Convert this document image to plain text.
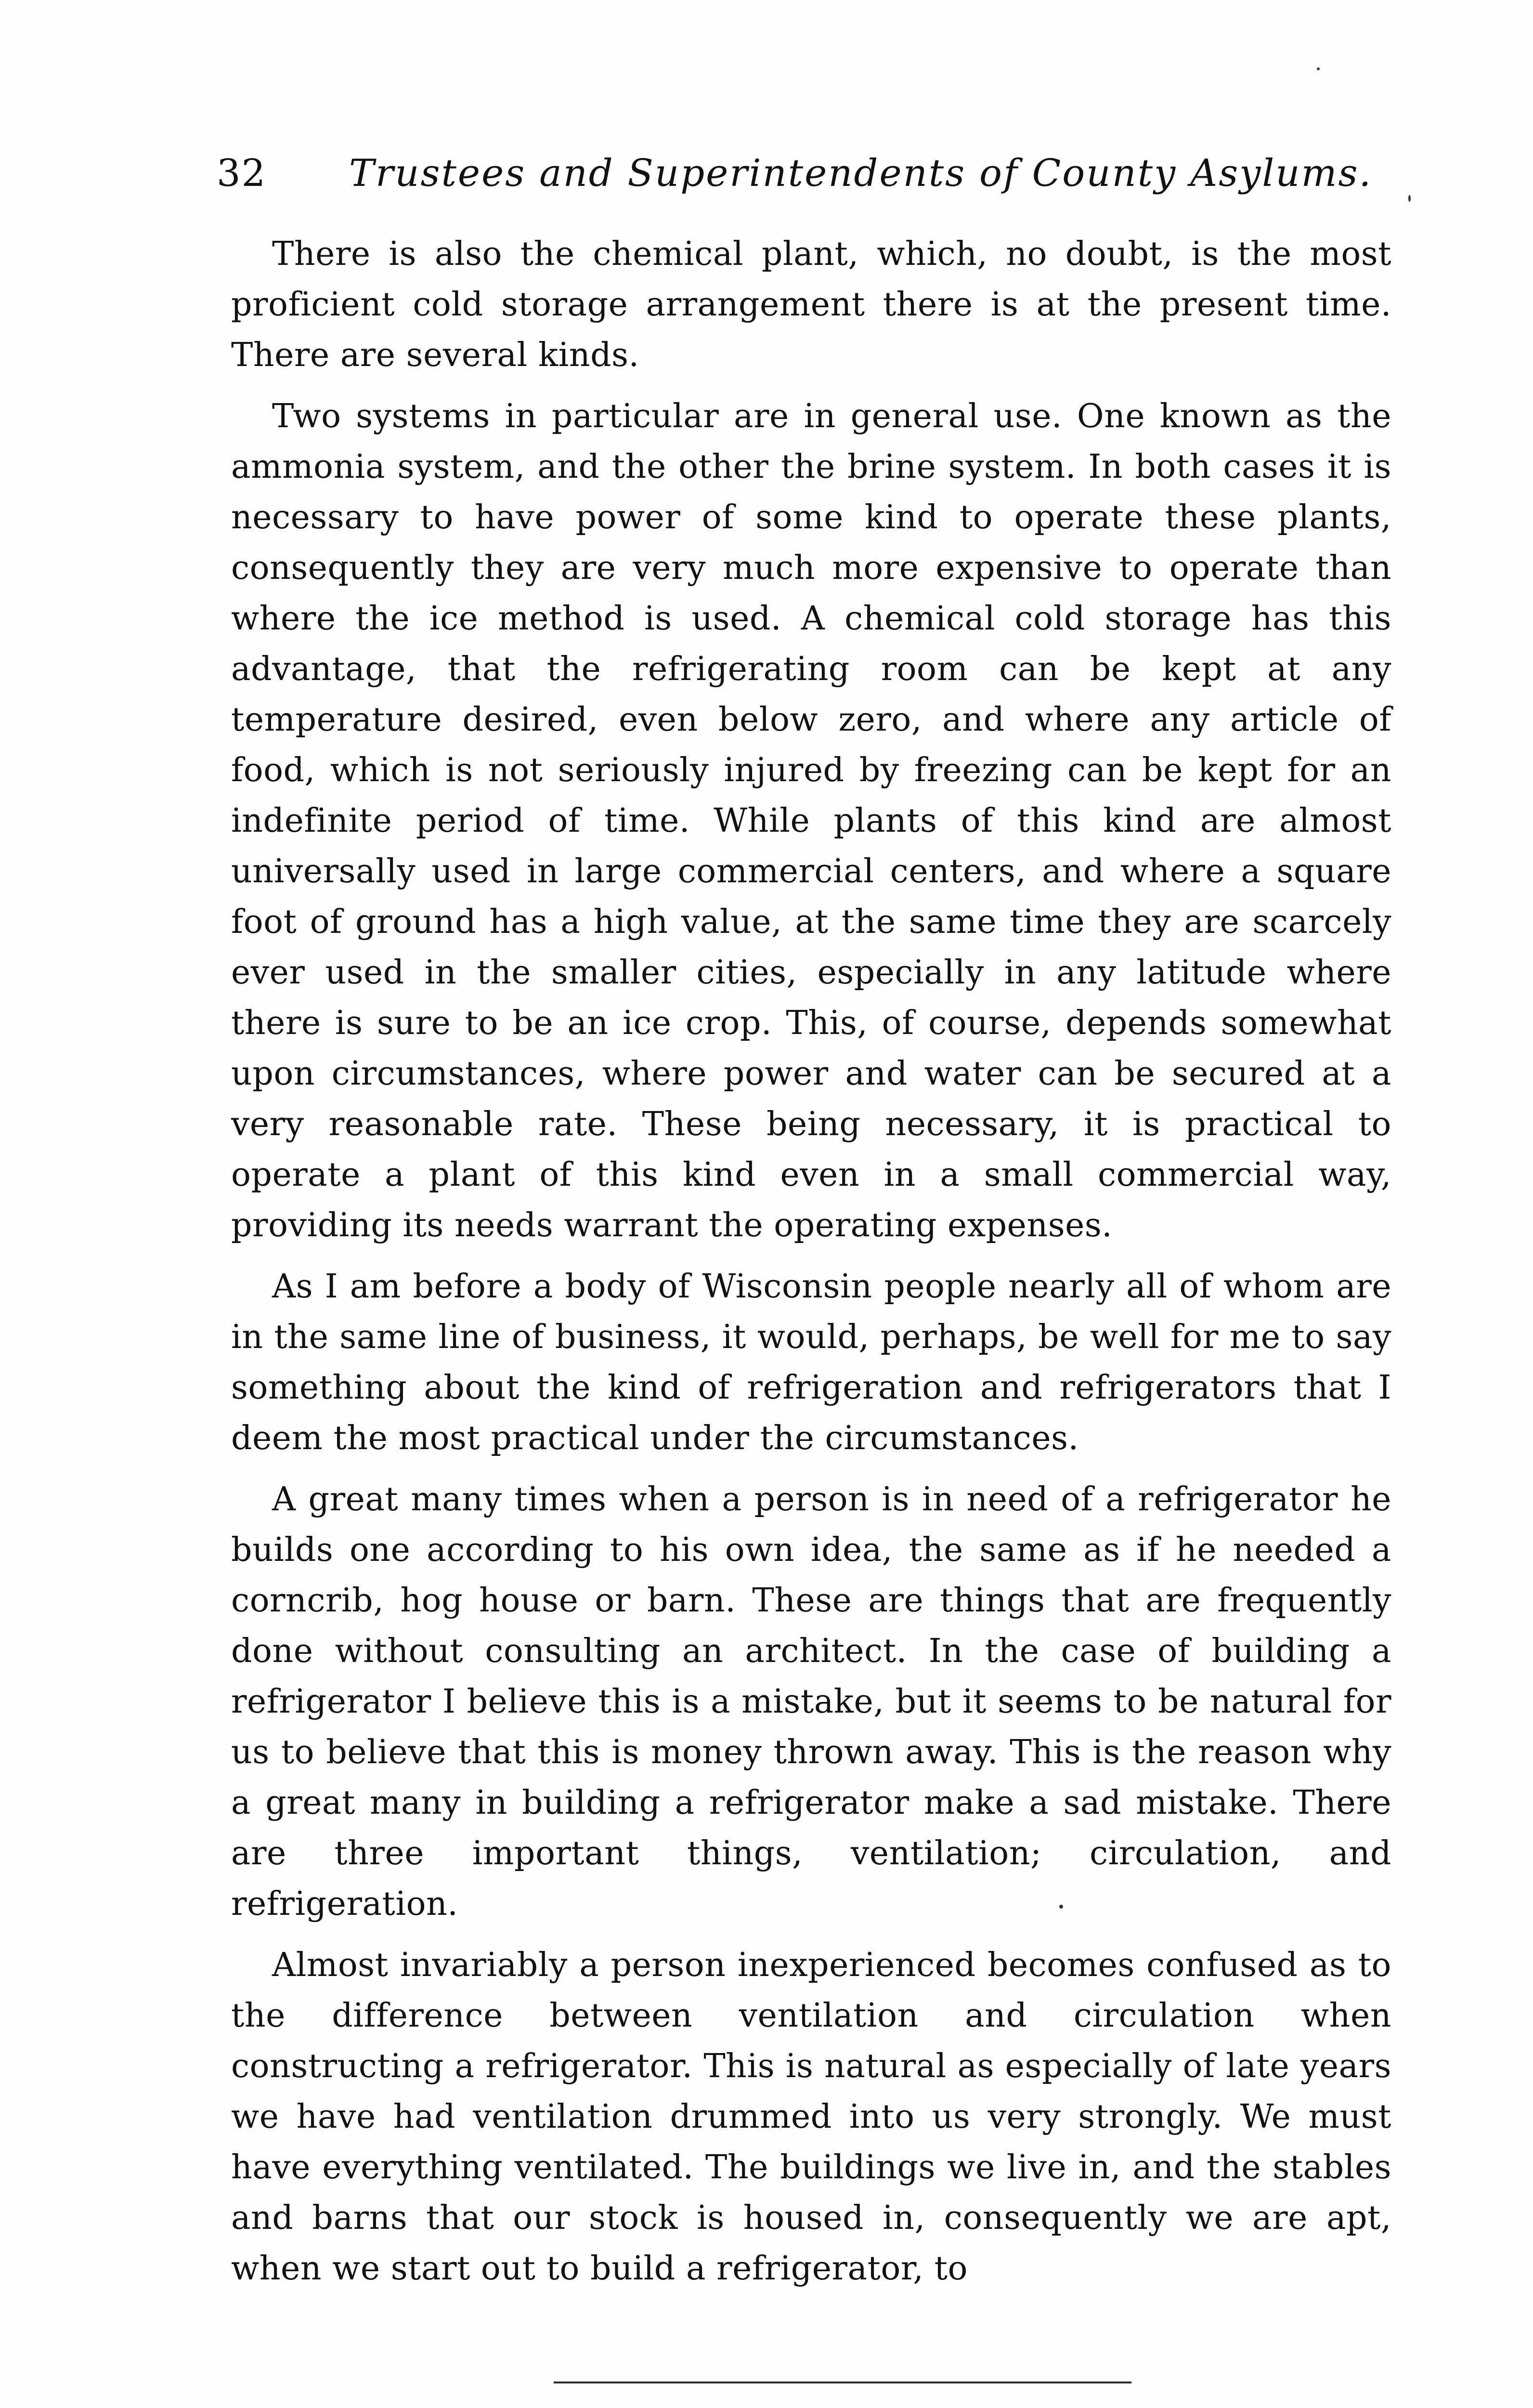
32 Trustees and Superintendents of County Asylums.

There is also the chemical plant, which, no doubt, is the most proficient cold storage arrangement there is at the present time. There are several kinds.

Two systems in particular are in general use. One known as the ammonia system, and the other the brine system. In both cases it is necessary to have power of some kind to operate these plants, consequently they are very much more expensive to operate than where the ice method is used. A chemical cold storage has this advantage, that the refrigerating room can be kept at any temperature desired, even below zero, and where any article of food, which is not seriously injured by freezing can be kept for an indefinite period of time. While plants of this kind are almost universally used in large commercial centers, and where a square foot of ground has a high value, at the same time they are scarcely ever used in the smaller cities, especially in any latitude where there is sure to be an ice crop. This, of course, depends somewhat upon circumstances, where power and water can be secured at a very reasonable rate. These being necessary, it is practical to operate a plant of this kind even in a small commercial way, providing its needs warrant the operating expenses.

As I am before a body of Wisconsin people nearly all of whom are in the same line of business, it would, perhaps, be well for me to say something about the kind of refrigeration and refrigerators that I deem the most practical under the circumstances.

A great many times when a person is in need of a refrigerator he builds one according to his own idea, the same as if he needed a corncrib, hog house or barn. These are things that are frequently done without consulting an architect. In the case of building a refrigerator I believe this is a mistake, but it seems to be natural for us to believe that this is money thrown away. This is the reason why a great many in building a refrigerator make a sad mistake. There are three important things, ventilation; circulation, and refrigeration.

Almost invariably a person inexperienced becomes confused as to the difference between ventilation and circulation when constructing a refrigerator. This is natural as especially of late years we have had ventilation drummed into us very strongly. We must have everything ventilated. The buildings we live in, and the stables and barns that our stock is housed in, consequently we are apt, when we start out to build a refrigerator, to
